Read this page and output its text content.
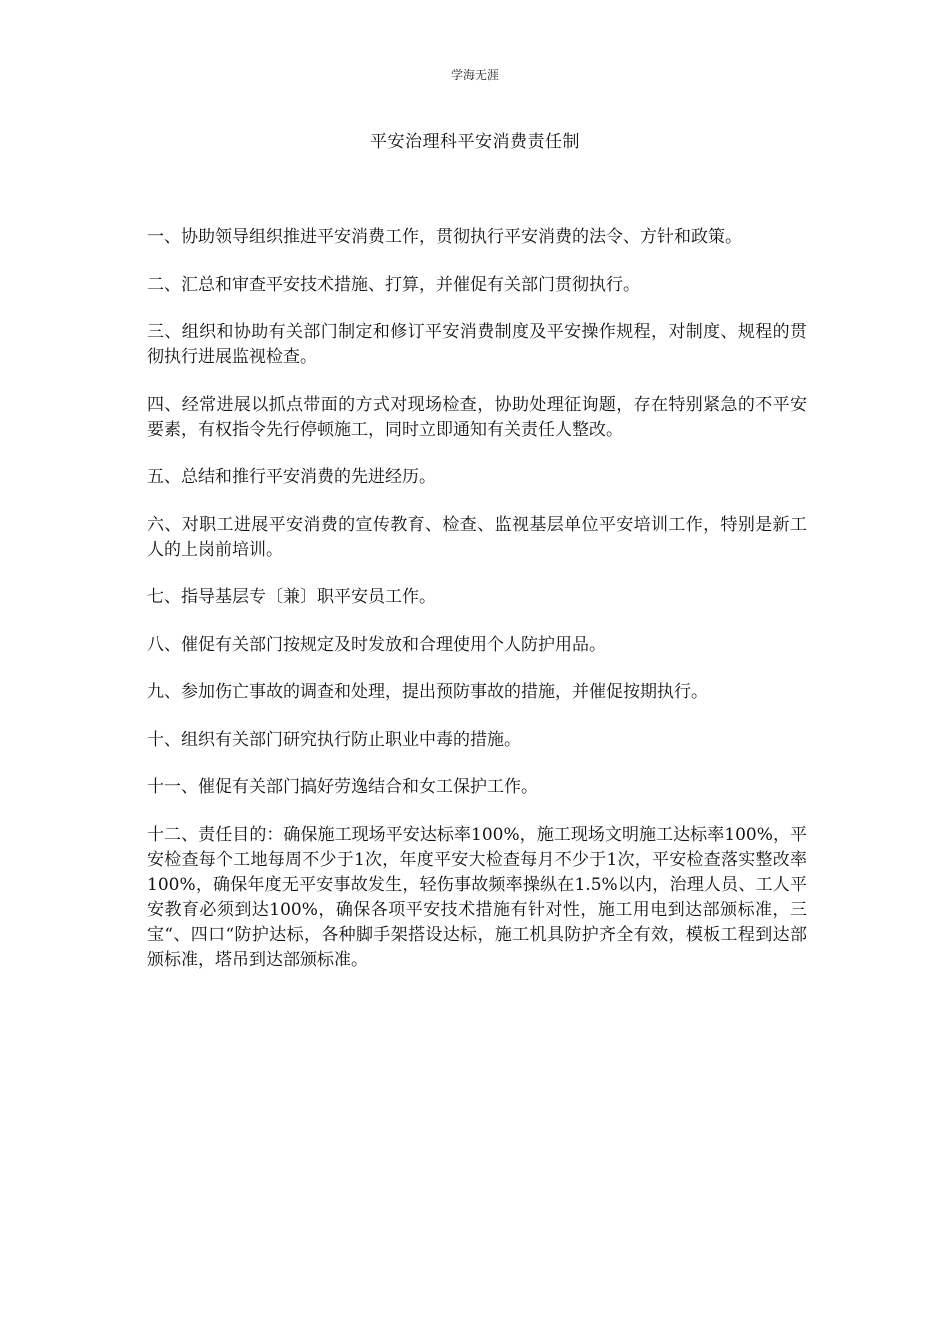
学海无涯
平安治理科平安消费责任制

一、协助领导组织推进平安消费工作，贯彻执行平安消费的法令、方针和政策。

二、汇总和审查平安技术措施、打算，并催促有关部门贯彻执行。

三、组织和协助有关部门制定和修订平安消费制度及平安操作规程，对制度、规程的贯彻执行进展监视检查。

四、经常进展以抓点带面的方式对现场检查，协助处理征询题，存在特别紧急的不平安要素，有权指令先行停顿施工，同时立即通知有关责任人整改。

五、总结和推行平安消费的先进经历。

六、对职工进展平安消费的宣传教育、检查、监视基层单位平安培训工作，特别是新工人的上岗前培训。

七、指导基层专〔兼〕职平安员工作。

八、催促有关部门按规定及时发放和合理使用个人防护用品。

九、参加伤亡事故的调查和处理，提出预防事故的措施，并催促按期执行。

十、组织有关部门研究执行防止职业中毒的措施。

十一、催促有关部门搞好劳逸结合和女工保护工作。

十二、责任目的：确保施工现场平安达标率100%，施工现场文明施工达标率100%，平安检查每个工地每周不少于1次，年度平安大检查每月不少于1次，平安检查落实整改率100%，确保年度无平安事故发生，轻伤事故频率操纵在1.5%以内，治理人员、工人平安教育必须到达100%，确保各项平安技术措施有针对性，施工用电到达部颁标准，三宝“、四口“防护达标，各种脚手架搭设达标，施工机具防护齐全有效，模板工程到达部颁标准，塔吊到达部颁标准。
